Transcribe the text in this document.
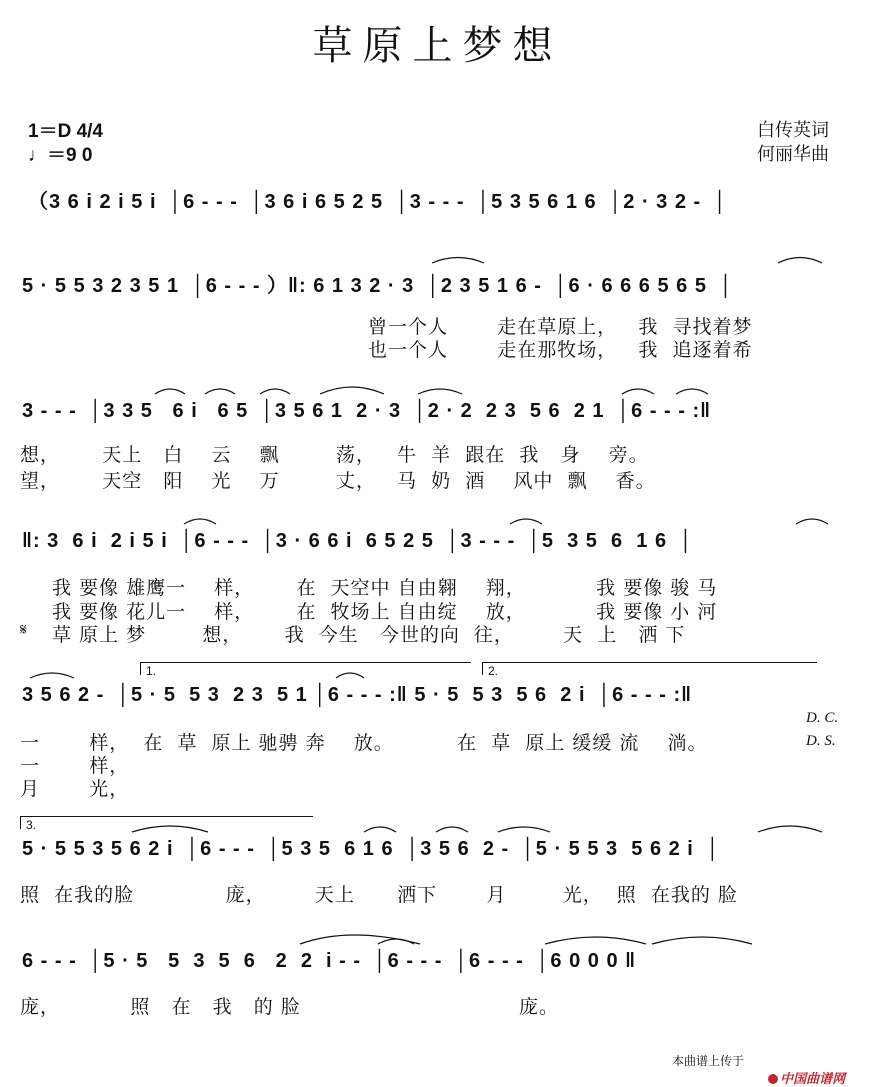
草原上梦想
1＝D 4/4
♩＝9 0
白传英词
何丽华曲
（3 6 i 2 i 5 i  │6 - - -  │3 6 i 6 5 2 5  │3 - - -  │5 3 5 6 1 6  │2 · 3 2 -  │
5 · 5 5 3 2 3 5 1  │6 - - - ）‖: 6 1 3 2 · 3  │2 3 5 1 6 -  │6 · 6 6 6 5 6 5  │
曾一个人       走在草原上，   我  寻找着梦
也一个人       走在那牧场，   我  追逐着希
3 - - -  │3 3 5   6 i   6 5  │3 5 6 1  2 · 3  │2 · 2  2 3  5 6  2 1  │6 - - - :‖
想，      天上   白    云    飘        荡，   牛  羊  跟在  我   身    旁。
望，      天空   阳    光    万        丈，   马  奶  酒    风中  飘    香。
‖: 3  6 i  2 i 5 i  │6 - - -  │3 · 6 6 i  6 5 2 5  │3 - - -  │5  3 5  6  1 6  │
我 要像 雄鹰一    样，      在  天空中 自由翱    翔，          我 要像 骏 马
我 要像 花儿一    样，      在  牧场上 自由绽    放，          我 要像 小 河
𝄋 草 原上 梦        想，      我  今生   今世的向  往，       天  上   洒 下
1.	2.
3 5 6 2 -  │5 · 5  5 3  2 3  5 1 │6 - - - :‖ 5 · 5  5 3  5 6  2 i  │6 - - - :‖
D. C.
D. S.
一       样，  在  草  原上 驰骋 奔    放。         在  草  原上 缓缓 流    淌。
一       样，
月       光，
3.
5 · 5 5 3 5 6 2 i  │6 - - -  │5 3 5  6 1 6  │3 5 6  2 -  │5 · 5 5 3  5 6 2 i  │
照  在我的脸             庞，       天上      洒下       月        光，  照  在我的 脸
6 - - -  │5 · 5   5  3  5  6   2  2  i - -  │6 - - -  │6 - - -  │6 0 0 0 ‖
庞，          照   在   我   的 脸                               庞。
本曲谱上传于

中国曲谱网
